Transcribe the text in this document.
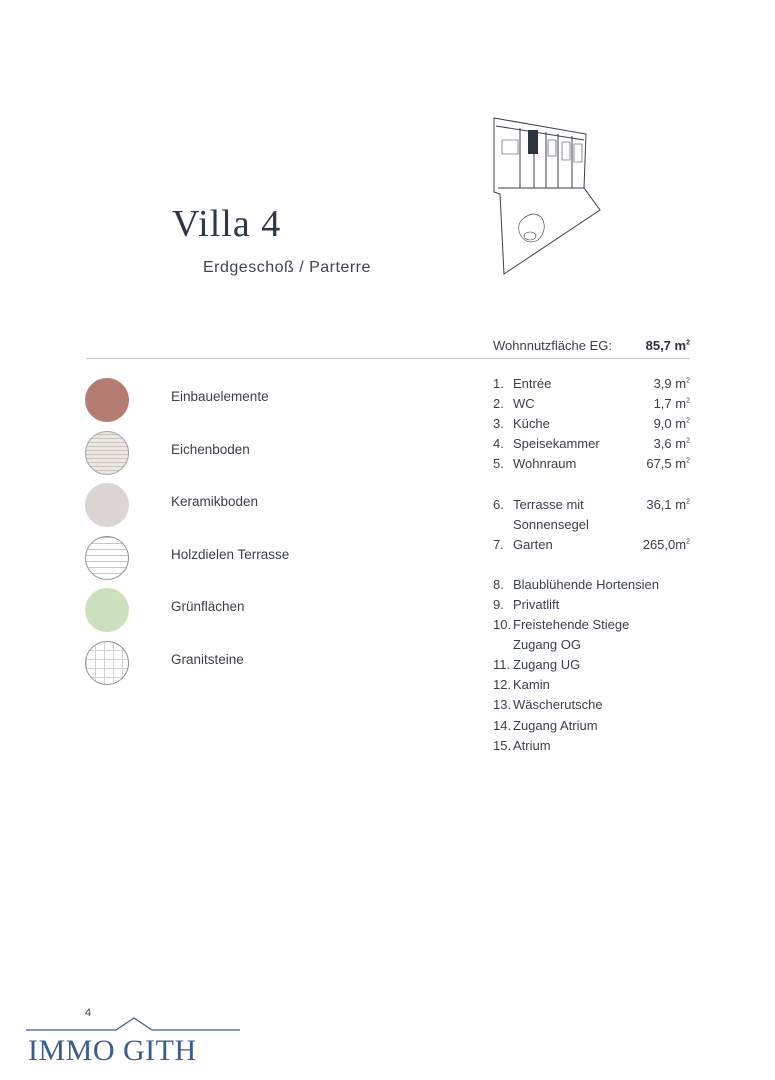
Villa 4
Erdgeschoß / Parterre
Wohnnutzfläche EG:	85,7 $m^2$
Einbauelemente
Eichenboden
Keramikboden
Holzdielen Terrasse
Grünflächen
Granitsteine
1. Entrée	3,9 $m^2$
2. WC	1,7 $m^2$
3. Küche	9,0 $m^2$
4. Speisekammer	3,6 $m^2$
5. Wohnraum	67,5 $m^2$
6. Terrasse mit	36,1 $m^2$
Sonnensegel
7. Garten	$265,0m^2$
8. Blaublühende Hortensien
9. Privatlift
10. Freistehende Stiege
Zugang OG
11. Zugang UG
12. Kamin
13. Wäscherutsche
14. Zugang Atrium
15. Atrium
4
IMMO GITH
